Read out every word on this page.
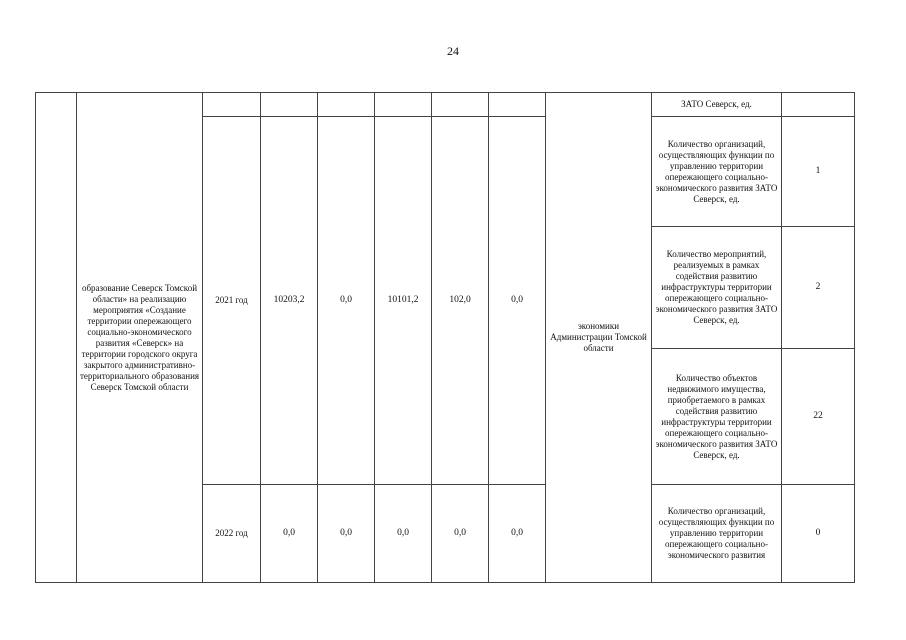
24
	образование Северск Томской области» на реализацию мероприятия «Создание территории опережающего социально-экономического развития «Северск» на территории городского округа закрытого административно-территориального образования Северск Томской области							экономики Администрации Томской области	ЗАТО Северск, ед.	
		2021 год	10203,2	0,0	10101,2	102,0	0,0		Количество организаций, осуществляющих функции по управлению территории опережающего социально-экономического развития ЗАТО Северск, ед.	1
									Количество мероприятий, реализуемых в рамках содействия развитию инфраструктуры территории опережающего социально-экономического развития ЗАТО Северск, ед.	2
									Количество объектов недвижимого имущества, приобретаемого в рамках содействия развитию инфраструктуры территории опережающего социально-экономического развития ЗАТО Северск, ед.	22
		2022 год	0,0	0,0	0,0	0,0	0,0		Количество организаций, осуществляющих функции по управлению территории опережающего социально-экономического развития	0
